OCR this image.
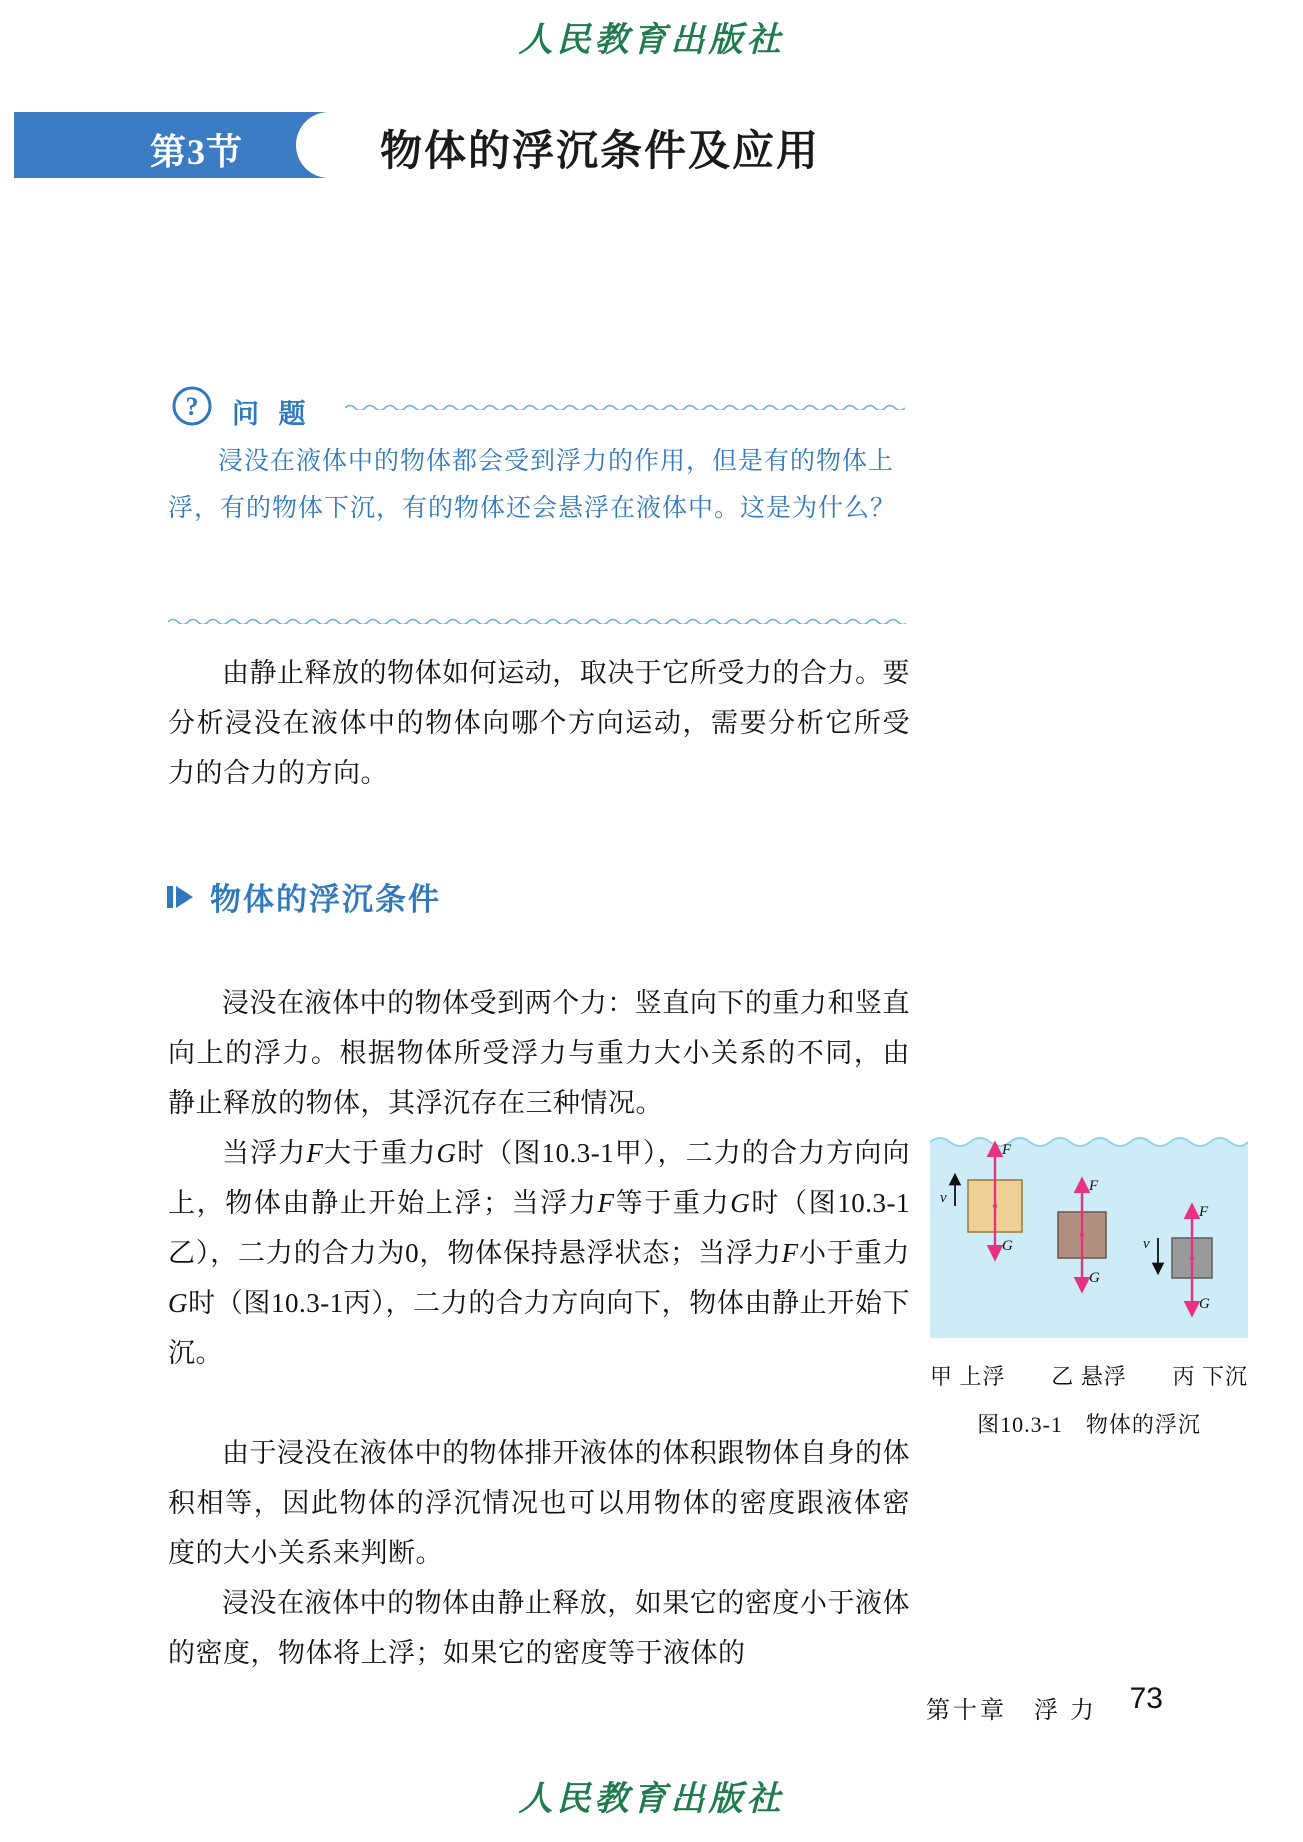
人民教育出版社
人民教育出版社
第3节	物体的浮沉条件及应用
? 问 题
浸没在液体中的物体都会受到浮力的作用，但是有的物体上浮，有的物体下沉，有的物体还会悬浮在液体中。这是为什么？
由静止释放的物体如何运动，取决于它所受力的合力。要分析浸没在液体中的物体向哪个方向运动，需要分析它所受力的合力的方向。
物体的浮沉条件
浸没在液体中的物体受到两个力：竖直向下的重力和竖直向上的浮力。根据物体所受浮力与重力大小关系的不同，由静止释放的物体，其浮沉存在三种情况。
当浮力F大于重力G时（图10.3-1甲），二力的合力方向向上，物体由静止开始上浮；当浮力F等于重力G时（图10.3-1乙），二力的合力为0，物体保持悬浮状态；当浮力F小于重力G时（图10.3-1丙），二力的合力方向向下，物体由静止开始下沉。
由于浸没在液体中的物体排开液体的体积跟物体自身的体积相等，因此物体的浮沉情况也可以用物体的密度跟液体密度的大小关系来判断。
浸没在液体中的物体由静止释放，如果它的密度小于液体的密度，物体将上浮；如果它的密度等于液体的
F
G
v
F
G
F
G
v
甲 上浮 乙 悬浮 丙 下沉
图10.3-1　物体的浮沉
第十章　浮 力 73
